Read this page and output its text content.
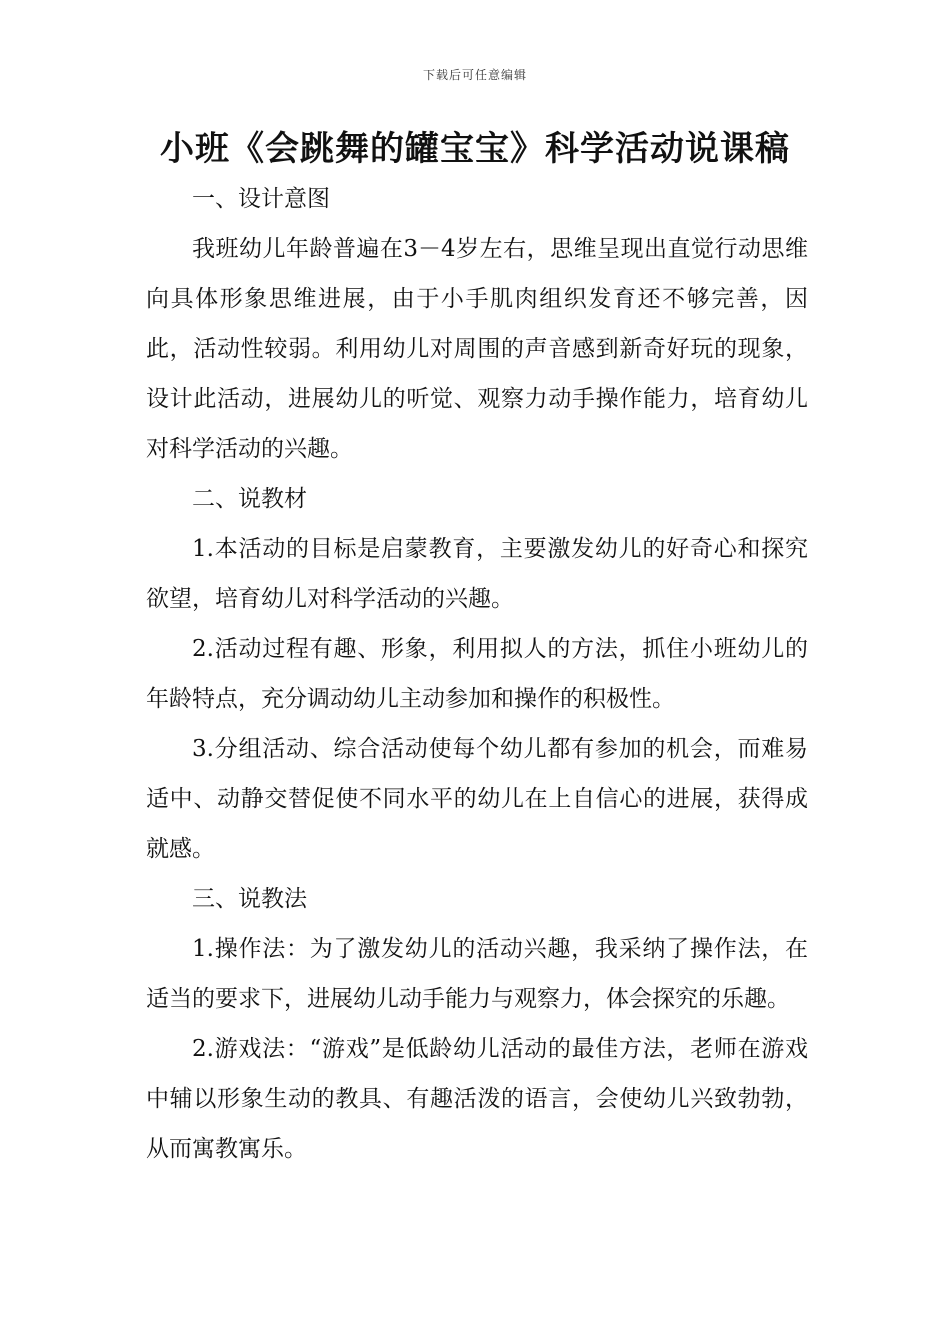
下载后可任意编辑
小班《会跳舞的罐宝宝》科学活动说课稿

一、设计意图

我班幼儿年龄普遍在3－4岁左右，思维呈现出直觉行动思维向具体形象思维进展，由于小手肌肉组织发育还不够完善，因此，活动性较弱。利用幼儿对周围的声音感到新奇好玩的现象，设计此活动，进展幼儿的听觉、观察力动手操作能力，培育幼儿对科学活动的兴趣。

二、说教材

1.本活动的目标是启蒙教育，主要激发幼儿的好奇心和探究欲望，培育幼儿对科学活动的兴趣。

2.活动过程有趣、形象，利用拟人的方法，抓住小班幼儿的年龄特点，充分调动幼儿主动参加和操作的积极性。

3.分组活动、综合活动使每个幼儿都有参加的机会，而难易适中、动静交替促使不同水平的幼儿在上自信心的进展，获得成就感。

三、说教法

1.操作法：为了激发幼儿的活动兴趣，我采纳了操作法，在适当的要求下，进展幼儿动手能力与观察力，体会探究的乐趣。

2.游戏法：“游戏”是低龄幼儿活动的最佳方法，老师在游戏中辅以形象生动的教具、有趣活泼的语言，会使幼儿兴致勃勃，从而寓教寓乐。
